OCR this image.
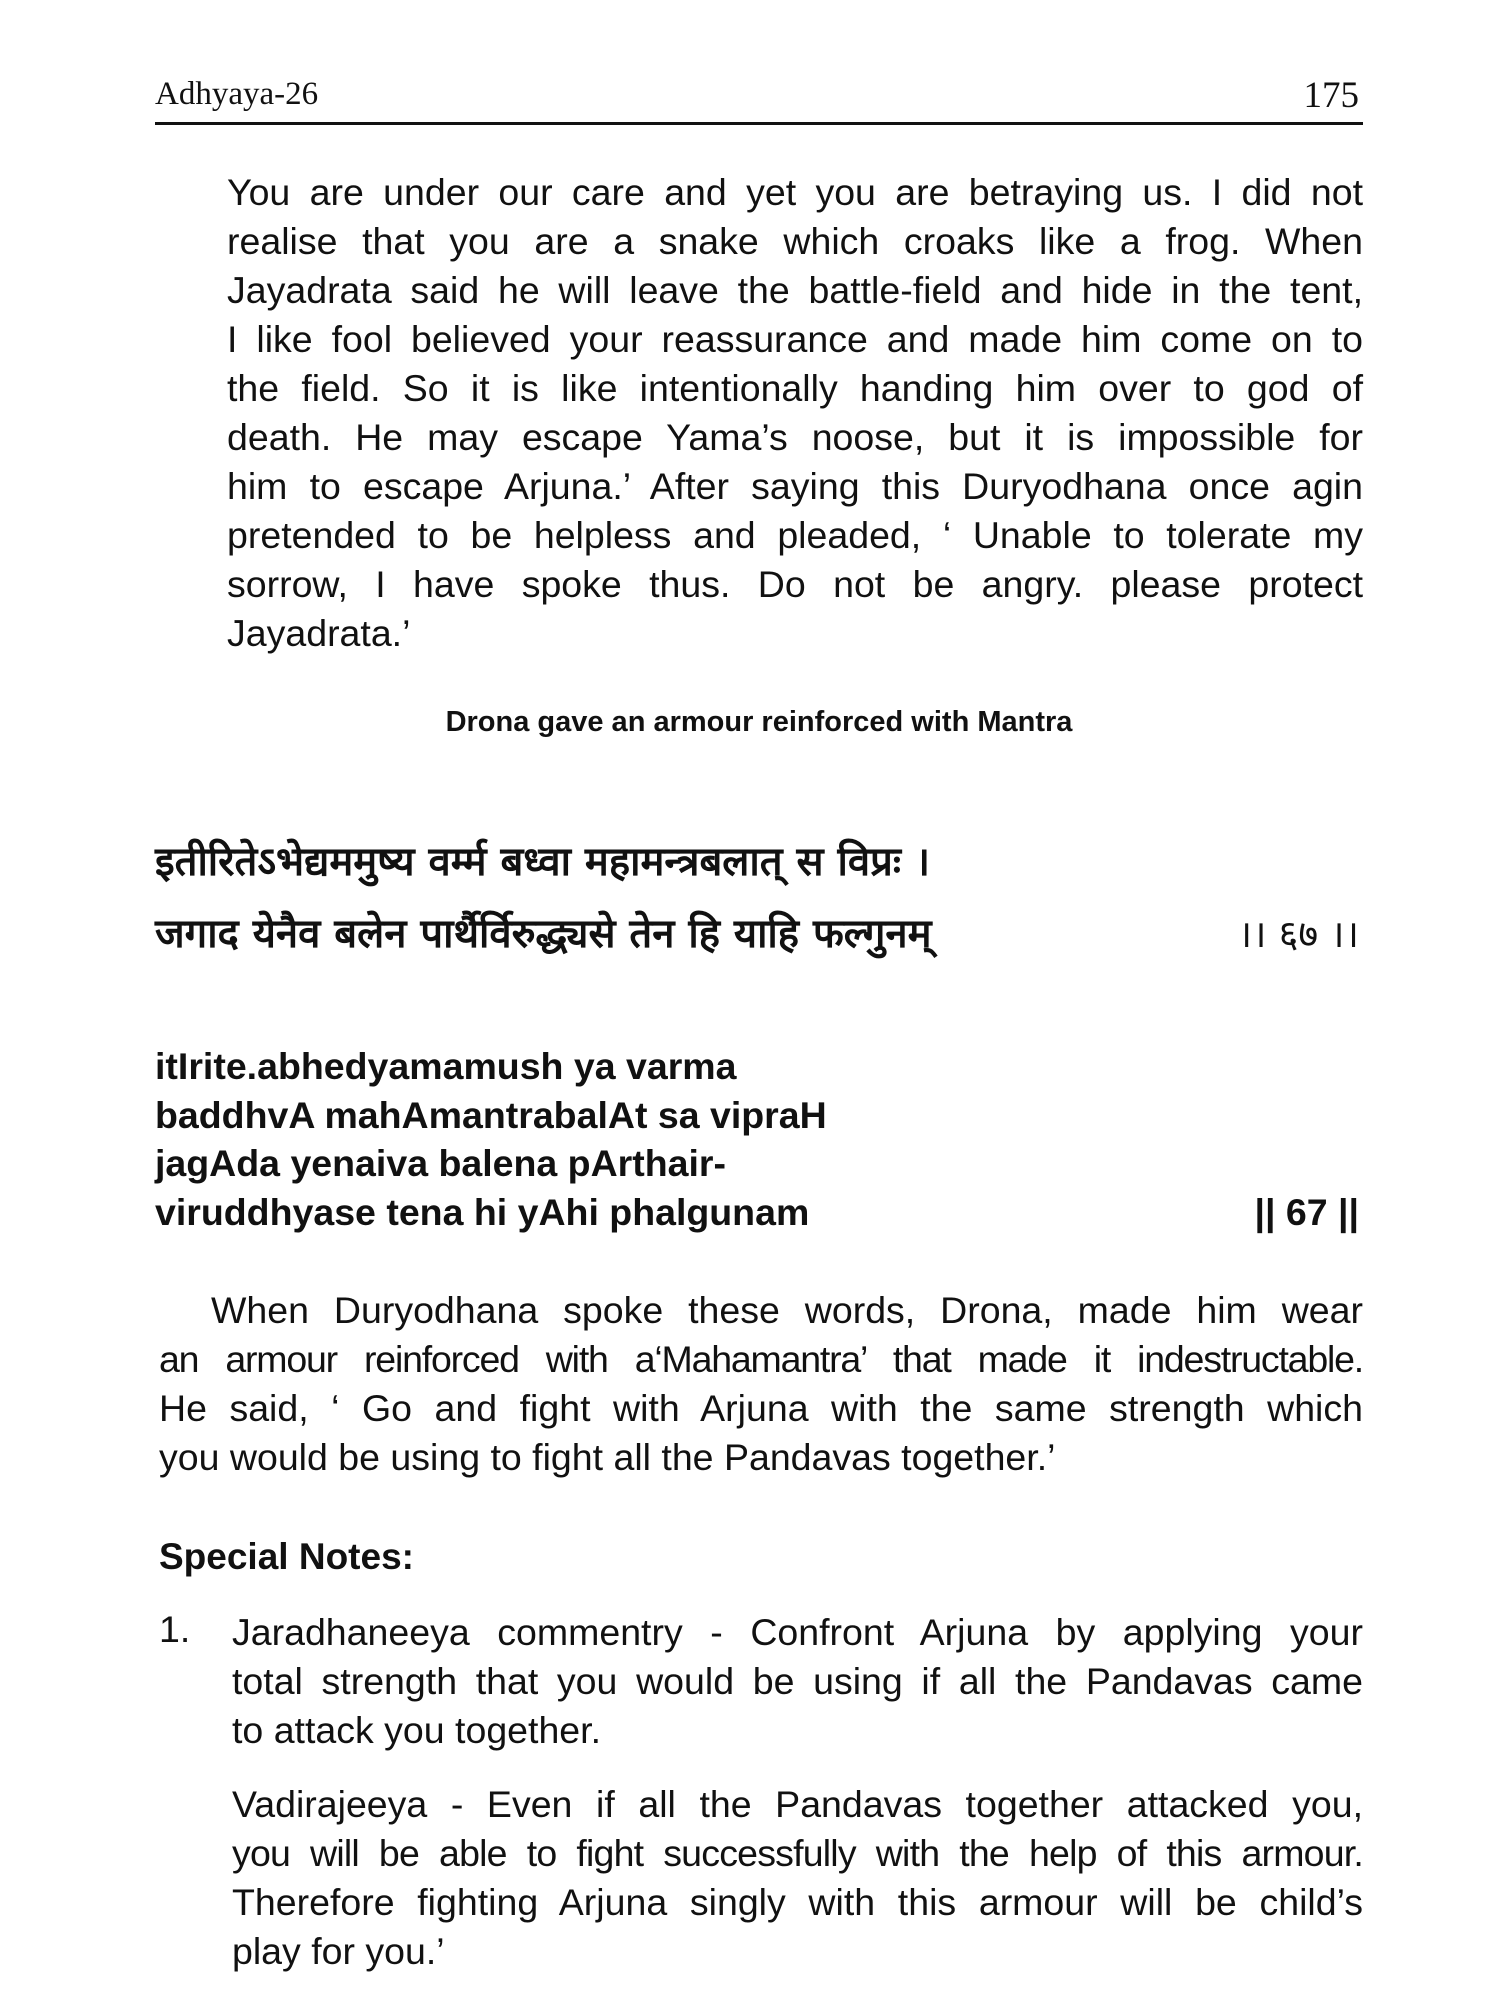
Adhyaya-26	175
You are under our care and yet you are betraying us. I did not
realise that you are a snake which croaks like a frog. When
Jayadrata said he will leave the battle-field and hide in the tent,
I like fool believed your reassurance and made him come on to
the field. So it is like intentionally handing him over to god of
death. He may escape Yama’s noose, but it is impossible for
him to escape Arjuna.’ After saying this Duryodhana once agin
pretended to be helpless and pleaded, ‘ Unable to tolerate my
sorrow, I have spoke thus. Do not be angry. please protect
Jayadrata.’
Drona gave an armour reinforced with Mantra
इतीरितेऽभेद्यममुष्य वर्म्म बध्वा महामन्त्रबलात् स विप्रः ।
जगाद येनैव बलेन पार्थैर्विरुद्ध्यसे तेन हि याहि फल्गुनम्	।। ६७ ।।
itIrite.abhedyamamush ya varma
baddhvA mahAmantrabalAt sa vipraH
jagAda yenaiva balena pArthair-
viruddhyase tena hi yAhi phalgunam	|| 67 ||
When Duryodhana spoke these words, Drona, made him wear
an armour reinforced with a‘Mahamantra’ that made it indestructable.
He said, ‘ Go and fight with Arjuna with the same strength which
you would be using to fight all the Pandavas together.’
Special Notes:
1. Jaradhaneeya commentry - Confront Arjuna by applying your
total strength that you would be using if all the Pandavas came
to attack you together.
Vadirajeeya - Even if all the Pandavas together attacked you,
you will be able to fight successfully with the help of this armour.
Therefore fighting Arjuna singly with this armour will be child’s
play for you.’
